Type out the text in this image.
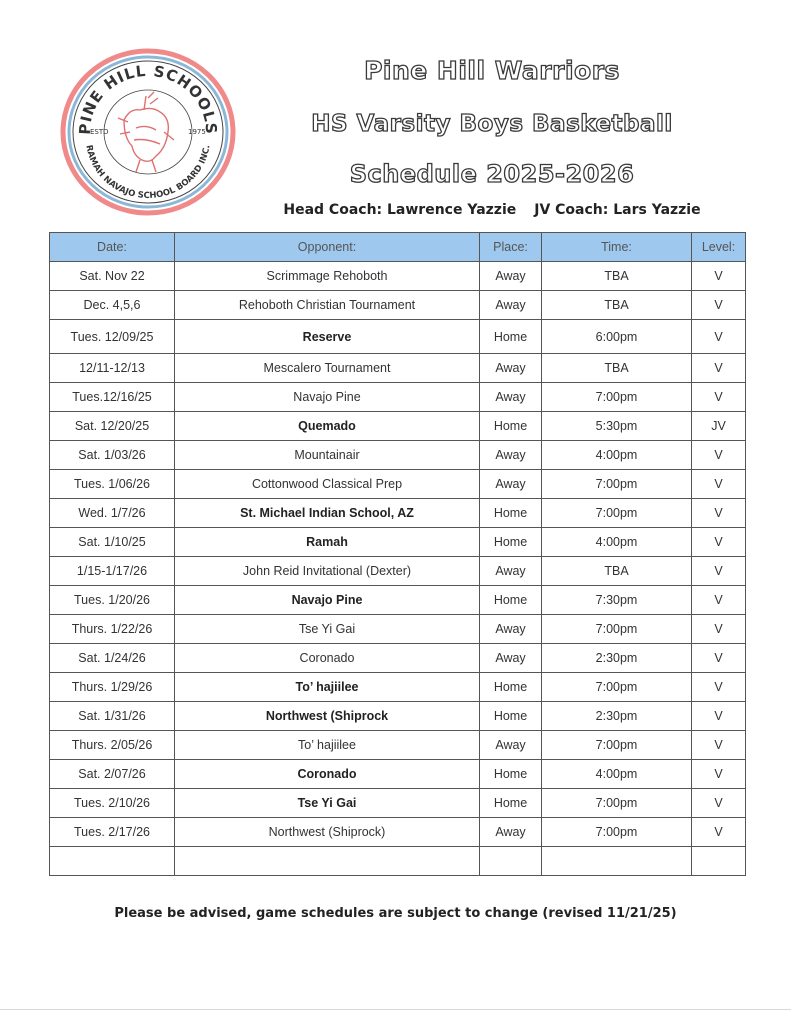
PINE HILL SCHOOLS
RAMAH NAVAJO SCHOOL BOARD INC.
ESTD	1975
Pine Hill Warriors
HS Varsity Boys Basketball
Schedule 2025-2026
Head Coach: Lawrence Yazzie JV Coach: Lars Yazzie
Date:	Opponent:	Place:	Time:	Level:
Sat. Nov 22	Scrimmage Rehoboth	Away	TBA	V
Dec. 4,5,6	Rehoboth Christian Tournament	Away	TBA	V
Tues. 12/09/25	Reserve	Home	6:00pm	V
12/11-12/13	Mescalero Tournament	Away	TBA	V
Tues.12/16/25	Navajo Pine	Away	7:00pm	V
Sat. 12/20/25	Quemado	Home	5:30pm	JV
Sat. 1/03/26	Mountainair	Away	4:00pm	V
Tues. 1/06/26	Cottonwood Classical Prep	Away	7:00pm	V
Wed. 1/7/26	St. Michael Indian School, AZ	Home	7:00pm	V
Sat. 1/10/25	Ramah	Home	4:00pm	V
1/15-1/17/26	John Reid Invitational (Dexter)	Away	TBA	V
Tues. 1/20/26	Navajo Pine	Home	7:30pm	V
Thurs. 1/22/26	Tse Yi Gai	Away	7:00pm	V
Sat. 1/24/26	Coronado	Away	2:30pm	V
Thurs. 1/29/26	To’ hajiilee	Home	7:00pm	V
Sat. 1/31/26	Northwest (Shiprock	Home	2:30pm	V
Thurs. 2/05/26	To’ hajiilee	Away	7:00pm	V
Sat. 2/07/26	Coronado	Home	4:00pm	V
Tues. 2/10/26	Tse Yi Gai	Home	7:00pm	V
Tues. 2/17/26	Northwest (Shiprock)	Away	7:00pm	V

Please be advised, game schedules are subject to change (revised 11/21/25)
